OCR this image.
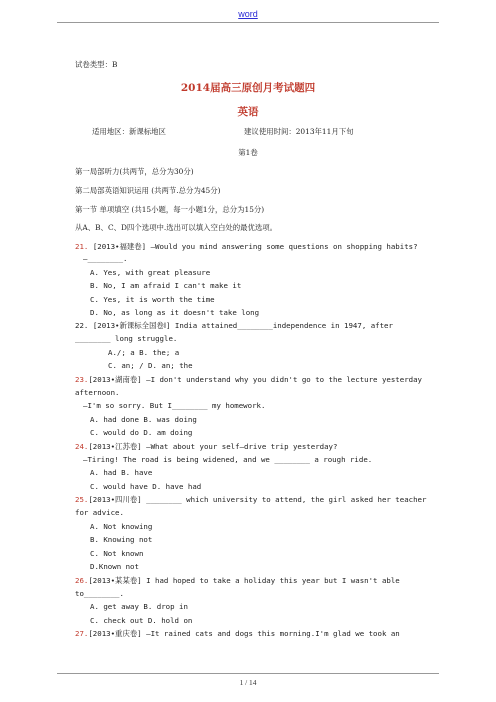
word
试卷类型：B
2014届高三原创月考试题四
英语
适用地区：新课标地区	建议使用时间：2013年11月下旬
第1卷
第一局部听力(共两节，总分为30分)
第二局部英语知识运用 (共两节.总分为45分)
第一节 单项填空 (共15小题，每一小题1分，总分为15分)
从A、B、C、D四个选项中.选出可以填入空白处的最优选项。
21. [2013•福建卷] —Would you mind answering some questions on shopping habits?
—________.
A. Yes, with great pleasure
B. No, I am afraid I can't make it
C. Yes, it is worth the time
D. No, as long as it doesn't take long
22. [2013•新课标全国卷Ⅰ] India attained________independence in 1947, after
________ long struggle.
A./; a B. the; a
C. an; / D. an; the
23.[2013•湖南卷] —I don't understand why you didn't go to the lecture yesterday
afternoon.
—I'm so sorry. But I________ my homework.
A. had done B. was doing
C. would do D. am doing
24.[2013•江苏卷] —What about your self—drive trip yesterday?
—Tiring! The road is being widened, and we ________ a rough ride.
A. had B. have
C. would have D. have had
25.[2013•四川卷] ________ which university to attend, the girl asked her teacher
for advice.
A. Not knowing
B. Knowing not
C. Not known
D.Known not
26.[2013•某某卷] I had hoped to take a holiday this year but I wasn't able
to________.
A. get away B. drop in
C. check out D. hold on
27.[2013•重庆卷] —It rained cats and dogs this morning.I'm glad we took an
1 / 14
